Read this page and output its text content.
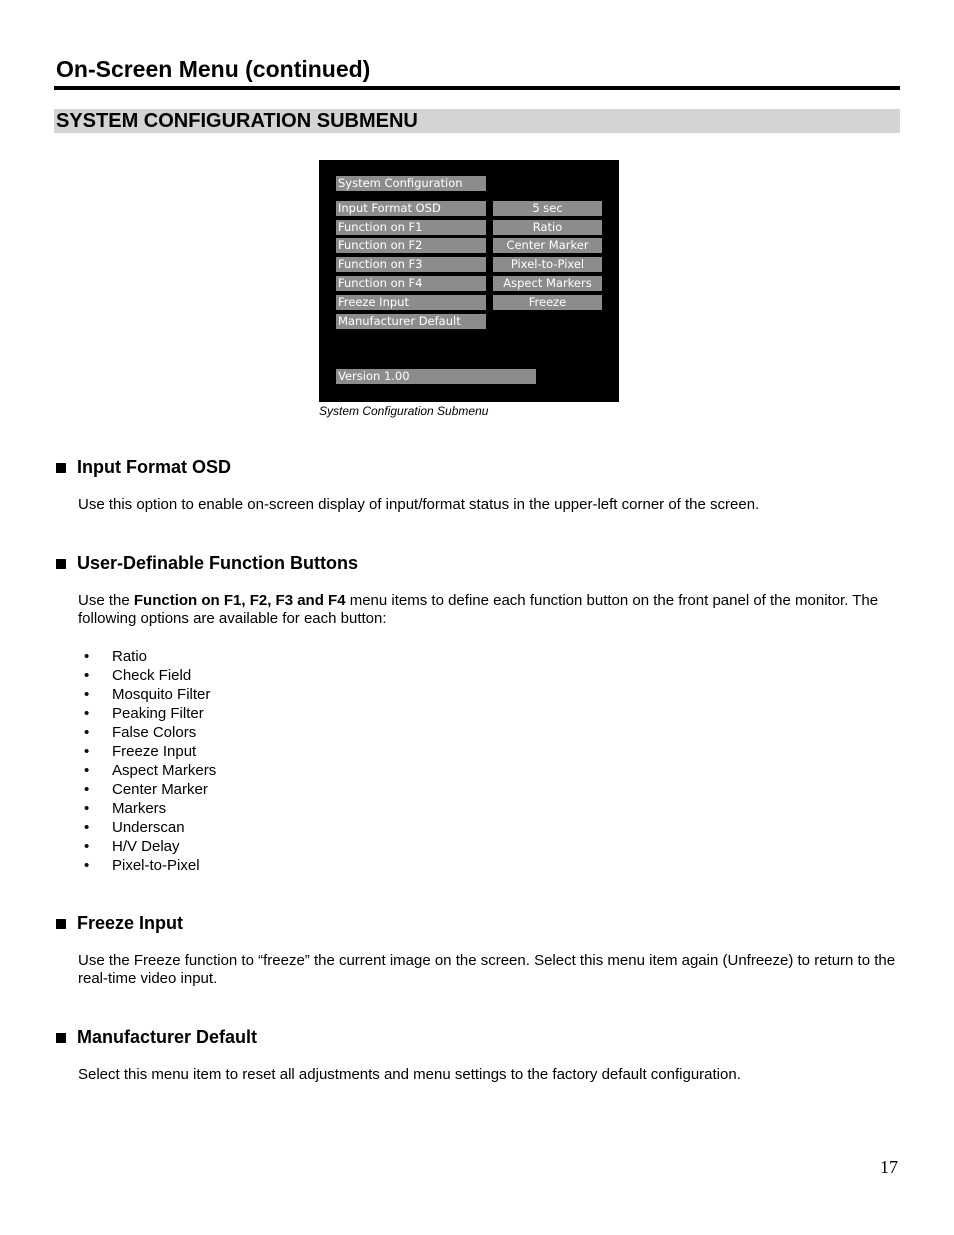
On-Screen Menu (continued)
SYSTEM CONFIGURATION SUBMENU
System Configuration
Input Format OSD	5 sec
Function on F1	Ratio
Function on F2	Center Marker
Function on F3	Pixel-to-Pixel
Function on F4	Aspect Markers
Freeze Input	Freeze
Manufacturer Default
Version 1.00
System Configuration Submenu
Input Format OSD

Use this option to enable on-screen display of input/format status in the upper-left corner of the screen.

User-Definable Function Buttons

Use the Function on F1, F2, F3 and F4 menu items to define each function button on the front panel of the monitor. The following options are available for each button:

•	Ratio
•	Check Field
•	Mosquito Filter
•	Peaking Filter
•	False Colors
•	Freeze Input
•	Aspect Markers
•	Center Marker
•	Markers
•	Underscan
•	H/V Delay
•	Pixel-to-Pixel
Freeze Input

Use the Freeze function to “freeze” the current image on the screen. Select this menu item again (Unfreeze) to return to the real-time video input.

Manufacturer Default

Select this menu item to reset all adjustments and menu settings to the factory default configuration.

17
